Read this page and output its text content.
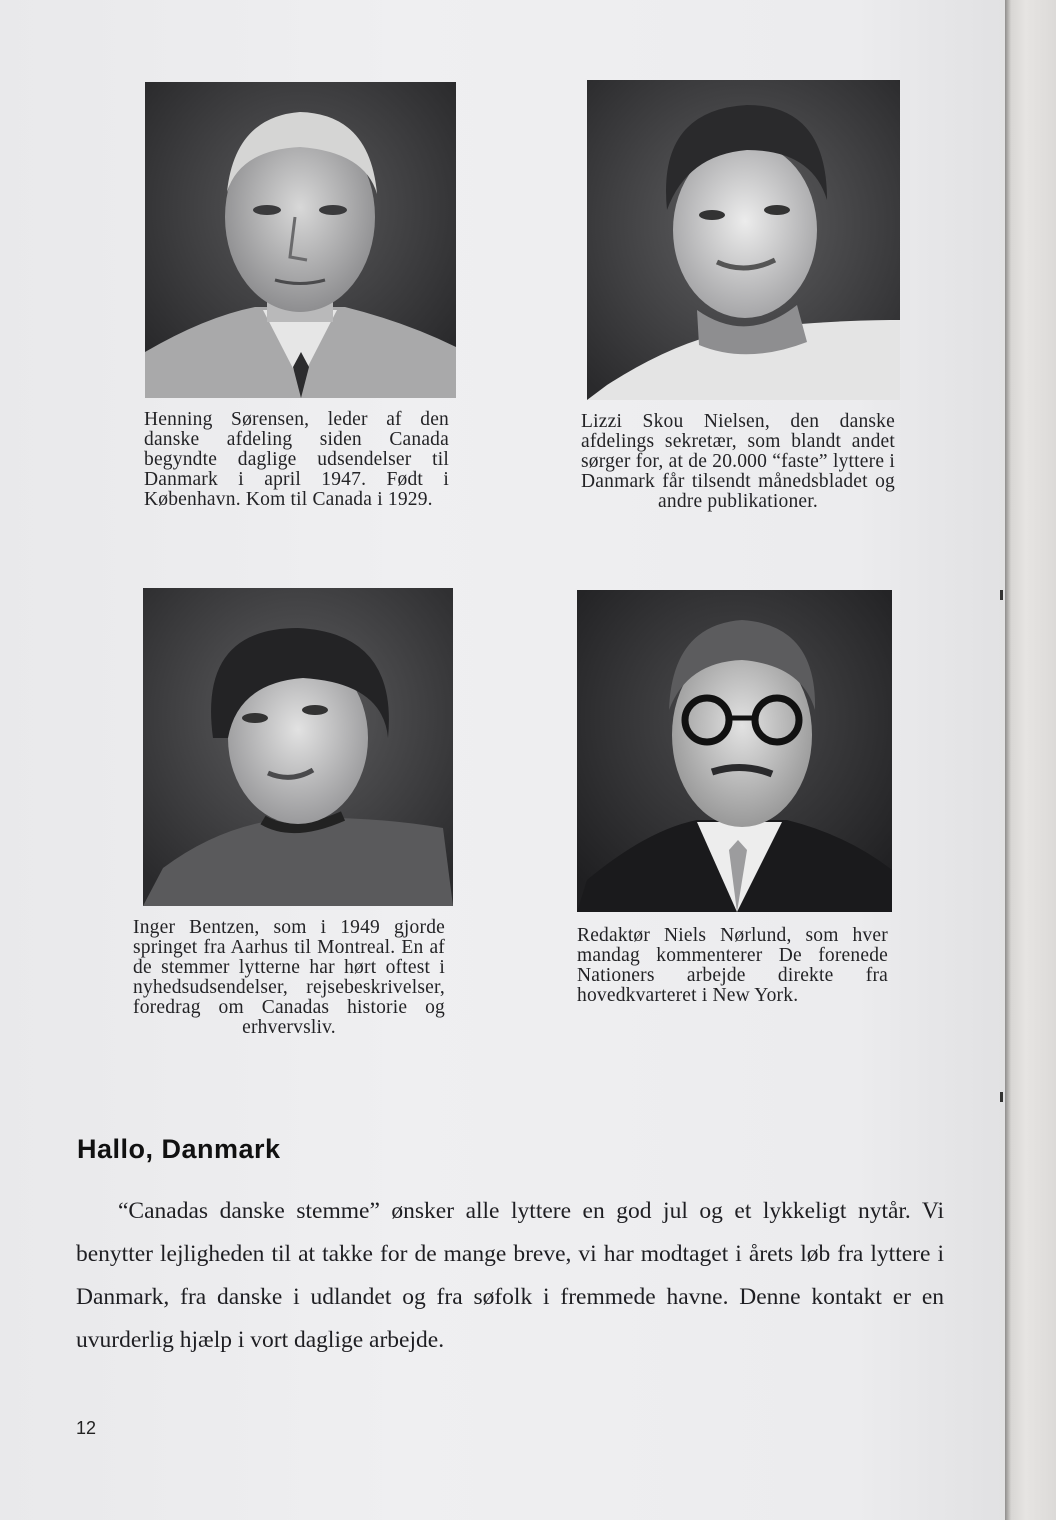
Henning Sørensen, leder af den danske afdeling siden Canada begyndte daglige udsendelser til Danmark i april 1947. Født i København. Kom til Canada i 1929.
Lizzi Skou Nielsen, den danske afdelings sekretær, som blandt andet sørger for, at de 20.000 “faste” lyttere i Danmark får tilsendt månedsbladet og andre publikationer.
Inger Bentzen, som i 1949 gjorde springet fra Aarhus til Montreal. En af de stemmer lytterne har hørt oftest i nyhedsudsendelser, rejsebeskrivelser, foredrag om Canadas historie og erhvervsliv.
Redaktør Niels Nørlund, som hver mandag kommenterer De forenede Nationers arbejde direkte fra hovedkvarteret i New York.
Hallo, Danmark
“Canadas danske stemme” ønsker alle lyttere en god jul og et lykkeligt nytår. Vi benytter lejligheden til at takke for de mange breve, vi har modtaget i årets løb fra lyttere i Danmark, fra danske i udlandet og fra søfolk i fremmede havne. Denne kontakt er en uvurderlig hjælp i vort daglige arbejde.
12
